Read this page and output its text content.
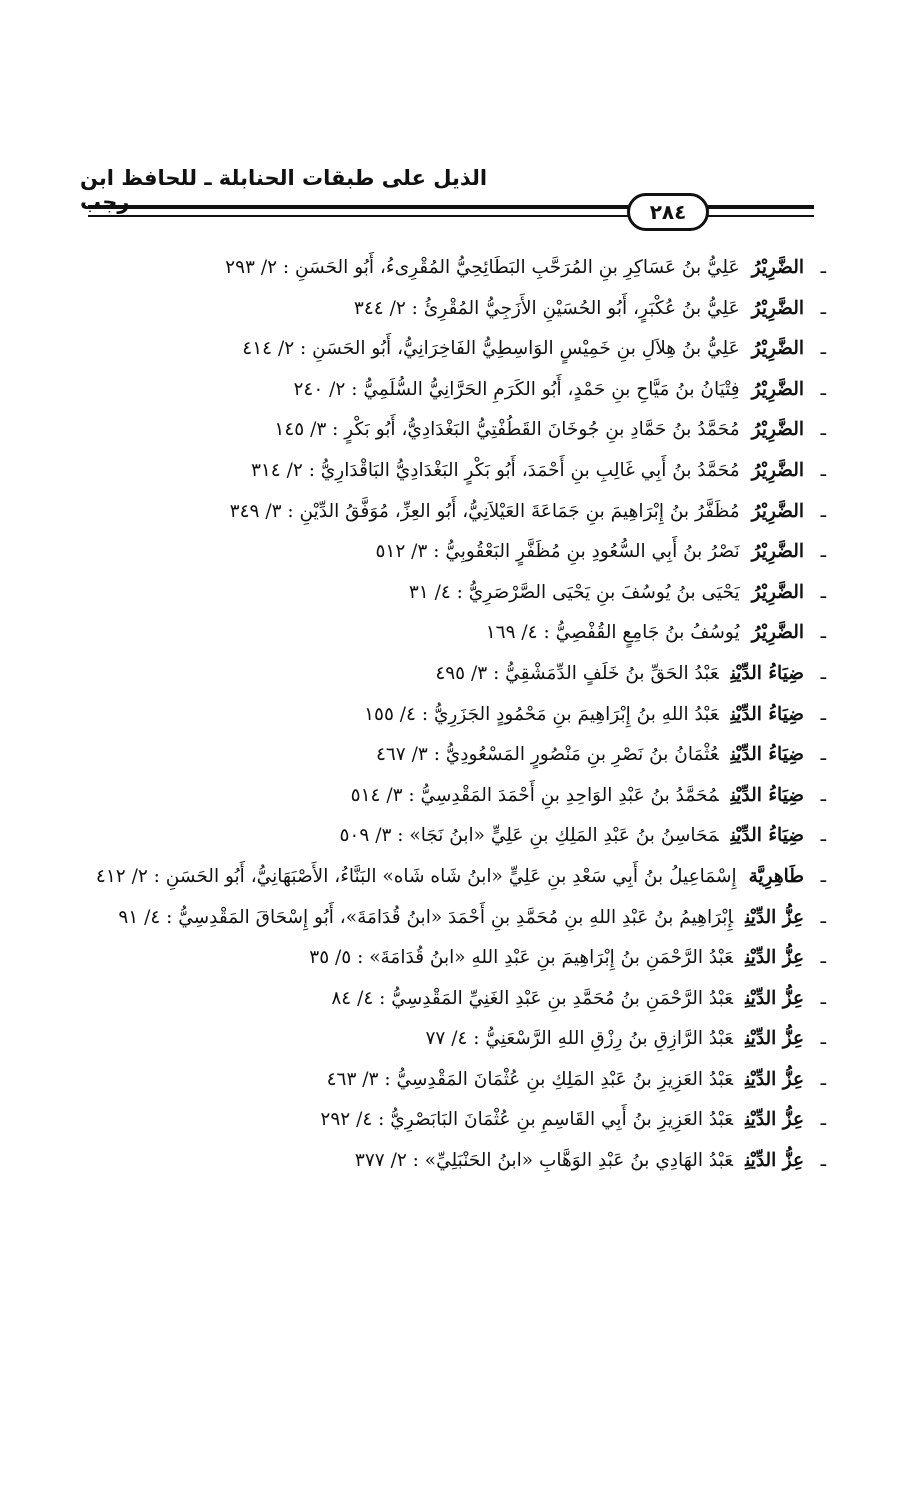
الذيل على طبقات الحنابلة ـ للحافظ ابن رجب	٢٨٤
ـالضَّرِيْرُعَلِيُّ بنُ عَسَاكِرِ بنِ المُرَحَّبِ البَطَائِحِيُّ المُقْرِىءُ، أَبُو الحَسَنِ : ٢/ ٢٩٣
ـالضَّرِيْرُعَلِيُّ بنُ عُكْبَرٍ، أَبُو الحُسَيْنِ الأَزَجِيُّ المُقْرِئُ : ٢/ ٣٤٤
ـالضَّرِيْرُعَلِيُّ بنُ هِلاَلِ بنِ خَمِيْسٍ الوَاسِطِيُّ الفَاخِرَانِيُّ، أَبُو الحَسَنِ : ٢/ ٤١٤
ـالضَّرِيْرُفِتْيَانُ بنُ مَيَّاحِ بنِ حَمْدٍ، أَبُو الكَرَمِ الحَرَّانِيُّ السُّلَمِيُّ : ٢/ ٢٤٠
ـالضَّرِيْرُمُحَمَّدُ بنُ حَمَّادِ بنِ جُوخَانَ القَطُفْتِيُّ البَغْدَادِيُّ، أَبُو بَكْرٍ : ٣/ ١٤٥
ـالضَّرِيْرُمُحَمَّدُ بنُ أَبِي غَالِبِ بنِ أَحْمَدَ، أَبُو بَكْرٍ البَغْدَادِيُّ البَاقْدَارِيُّ : ٢/ ٣١٤
ـالضَّرِيْرُمُظَفَّرُ بنُ إِبْرَاهِيمَ بنِ جَمَاعَةَ العَيْلاَنِيُّ، أَبُو العِزِّ، مُوَفَّقُ الدِّيْنِ : ٣/ ٣٤٩
ـالضَّرِيْرُنَصْرُ بنُ أَبِي السُّعُودِ بنِ مُظَفَّرٍ البَعْقُوبِيُّ : ٣/ ٥١٢
ـالضَّرِيْرُيَحْيَى بنُ يُوسُفَ بنِ يَحْيَى الصَّرْصَرِيُّ : ٤/ ٣١
ـالضَّرِيْرُيُوسُفُ بنُ جَامِعٍ القُفْصِيُّ : ٤/ ١٦٩
ـضِيَاءُ الدِّيْنِعَبْدُ الحَقِّ بنُ خَلَفٍ الدِّمَشْقِيُّ : ٣/ ٤٩٥
ـضِيَاءُ الدِّيْنِعَبْدُ اللهِ بنُ إِبْرَاهِيمَ بنِ مَحْمُودٍ الجَزَرِيُّ : ٤/ ١٥٥
ـضِيَاءُ الدِّيْنِعُثْمَانُ بنُ نَصْرِ بنِ مَنْصُورٍ المَسْعُودِيُّ : ٣/ ٤٦٧
ـضِيَاءُ الدِّيْنِمُحَمَّدُ بنُ عَبْدِ الوَاحِدِ بنِ أَحْمَدَ المَقْدِسِيُّ : ٣/ ٥١٤
ـضِيَاءُ الدِّيْنِمَحَاسِنُ بنُ عَبْدِ المَلِكِ بنِ عَلِيٍّ «ابنُ نَجَا» : ٣/ ٥٠٩
ـطَاهِرِيَّةإِسْمَاعِيلُ بنُ أَبِي سَعْدِ بنِ عَلِيٍّ «ابنُ شَاه شَاه» البَنَّاءُ، الأَصْبَهَانِيُّ، أَبُو الحَسَنِ : ٢/ ٤١٢
ـعِزُّ الدِّيْنِإِبْرَاهِيمُ بنُ عَبْدِ اللهِ بنِ مُحَمَّدِ بنِ أَحْمَدَ «ابنُ قُدَامَةَ»، أَبُو إِسْحَاقَ المَقْدِسِيُّ : ٤/ ٩١
ـعِزُّ الدِّيْنِعَبْدُ الرَّحْمَنِ بنُ إِبْرَاهِيمَ بنِ عَبْدِ اللهِ «ابنُ قُدَامَةَ» : ٥/ ٣٥
ـعِزُّ الدِّيْنِعَبْدُ الرَّحْمَنِ بنُ مُحَمَّدِ بنِ عَبْدِ الغَنِيِّ المَقْدِسِيُّ : ٤/ ٨٤
ـعِزُّ الدِّيْنِعَبْدُ الرَّازِقِ بنُ رِزْقِ اللهِ الرَّسْعَنِيُّ : ٤/ ٧٧
ـعِزُّ الدِّيْنِعَبْدُ العَزِيزِ بنُ عَبْدِ المَلِكِ بنِ عُثْمَانَ المَقْدِسِيُّ : ٣/ ٤٦٣
ـعِزُّ الدِّيْنِعَبْدُ العَزِيزِ بنُ أَبِي القَاسِمِ بنِ عُثْمَانَ البَابَصْرِيُّ : ٤/ ٢٩٢
ـعِزُّ الدِّيْنِعَبْدُ الهَادِي بنُ عَبْدِ الوَهَّابِ «ابنُ الحَنْبَلِيِّ» : ٢/ ٣٧٧
